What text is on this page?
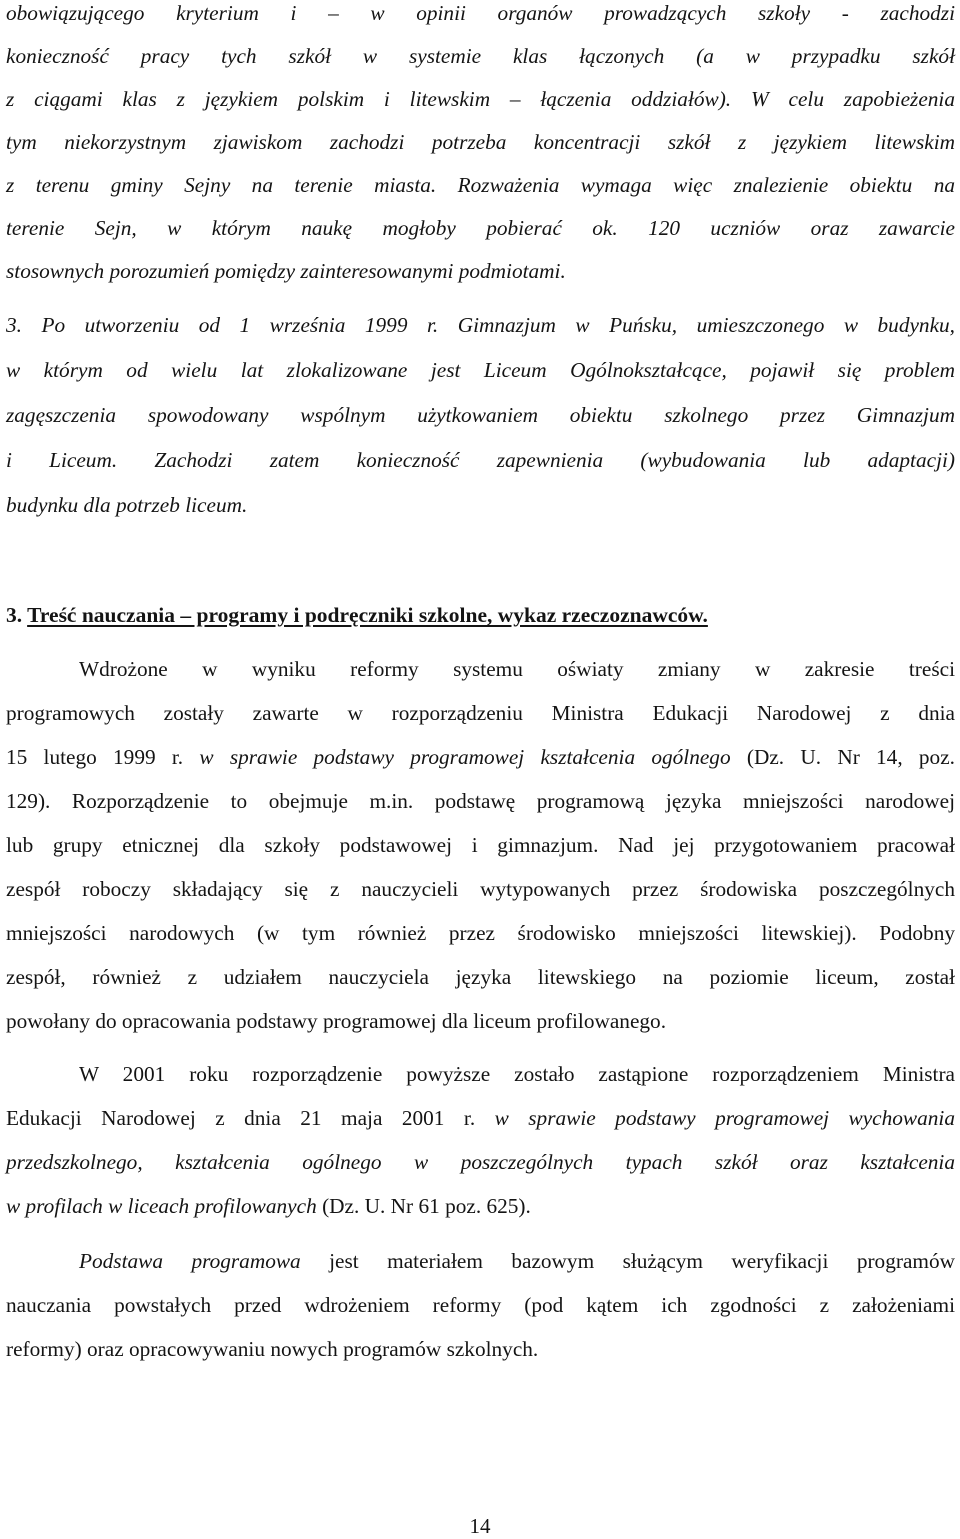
obowiązującego kryterium i – w opinii organów prowadzących szkoły - zachodzi
konieczność pracy tych szkół w systemie klas łączonych (a w przypadku szkół
z ciągami klas z językiem polskim i litewskim – łączenia oddziałów). W celu zapobieżenia
tym niekorzystnym zjawiskom zachodzi potrzeba koncentracji szkół z językiem litewskim
z terenu gminy Sejny na terenie miasta. Rozważenia wymaga więc znalezienie obiektu na
terenie Sejn, w którym naukę mogłoby pobierać ok. 120 uczniów oraz zawarcie
stosownych porozumień pomiędzy zainteresowanymi podmiotami.
3. Po utworzeniu od 1 września 1999 r. Gimnazjum w Puńsku, umieszczonego w budynku,
w którym od wielu lat zlokalizowane jest Liceum Ogólnokształcące, pojawił się problem
zagęszczenia spowodowany wspólnym użytkowaniem obiektu szkolnego przez Gimnazjum
i Liceum. Zachodzi zatem konieczność zapewnienia (wybudowania lub adaptacji)
budynku dla potrzeb liceum.
3. Treść nauczania – programy i podręczniki szkolne, wykaz rzeczoznawców.
Wdrożone w wyniku reformy systemu oświaty zmiany w zakresie treści
programowych zostały zawarte w rozporządzeniu Ministra Edukacji Narodowej z dnia
15 lutego 1999 r. w sprawie podstawy programowej kształcenia ogólnego (Dz. U. Nr 14, poz.
129). Rozporządzenie to obejmuje m.in. podstawę programową języka mniejszości narodowej
lub grupy etnicznej dla szkoły podstawowej i gimnazjum. Nad jej przygotowaniem pracował
zespół roboczy składający się z nauczycieli wytypowanych przez środowiska poszczególnych
mniejszości narodowych (w tym również przez środowisko mniejszości litewskiej). Podobny
zespół, również z udziałem nauczyciela języka litewskiego na poziomie liceum, został
powołany do opracowania podstawy programowej dla liceum profilowanego.
W 2001 roku rozporządzenie powyższe zostało zastąpione rozporządzeniem Ministra
Edukacji Narodowej z dnia 21 maja 2001 r. w sprawie podstawy programowej wychowania
przedszkolnego, kształcenia ogólnego w poszczególnych typach szkół oraz kształcenia
w profilach w liceach profilowanych (Dz. U. Nr 61 poz. 625).
Podstawa programowa jest materiałem bazowym służącym weryfikacji programów
nauczania powstałych przed wdrożeniem reformy (pod kątem ich zgodności z założeniami
reformy) oraz opracowywaniu nowych programów szkolnych.
14
